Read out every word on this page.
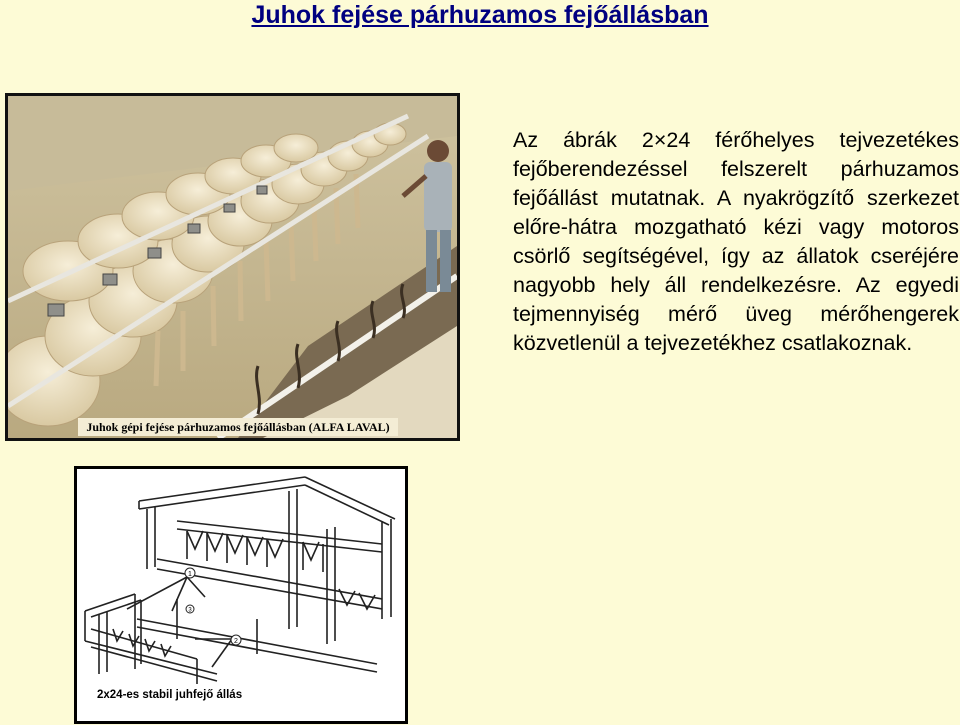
Juhok fejése párhuzamos fejőállásban
Juhok gépi fejése párhuzamos fejőállásban (ALFA LAVAL)

Az ábrák 2×24 férőhelyes tejvezetékes fejőberendezéssel felszerelt párhuzamos fejőállást mutatnak. A nyakrögzítő szerkezet előre-hátra mozgatható kézi vagy motoros csörlő segítségével, így az állatok cseréjére nagyobb hely áll rendelkezésre. Az egyedi tejmennyiség mérő üveg mérőhengerek közvetlenül a tejvezetékhez csatlakoznak.

1
2
3
2x24-es stabil juhfejő állás
